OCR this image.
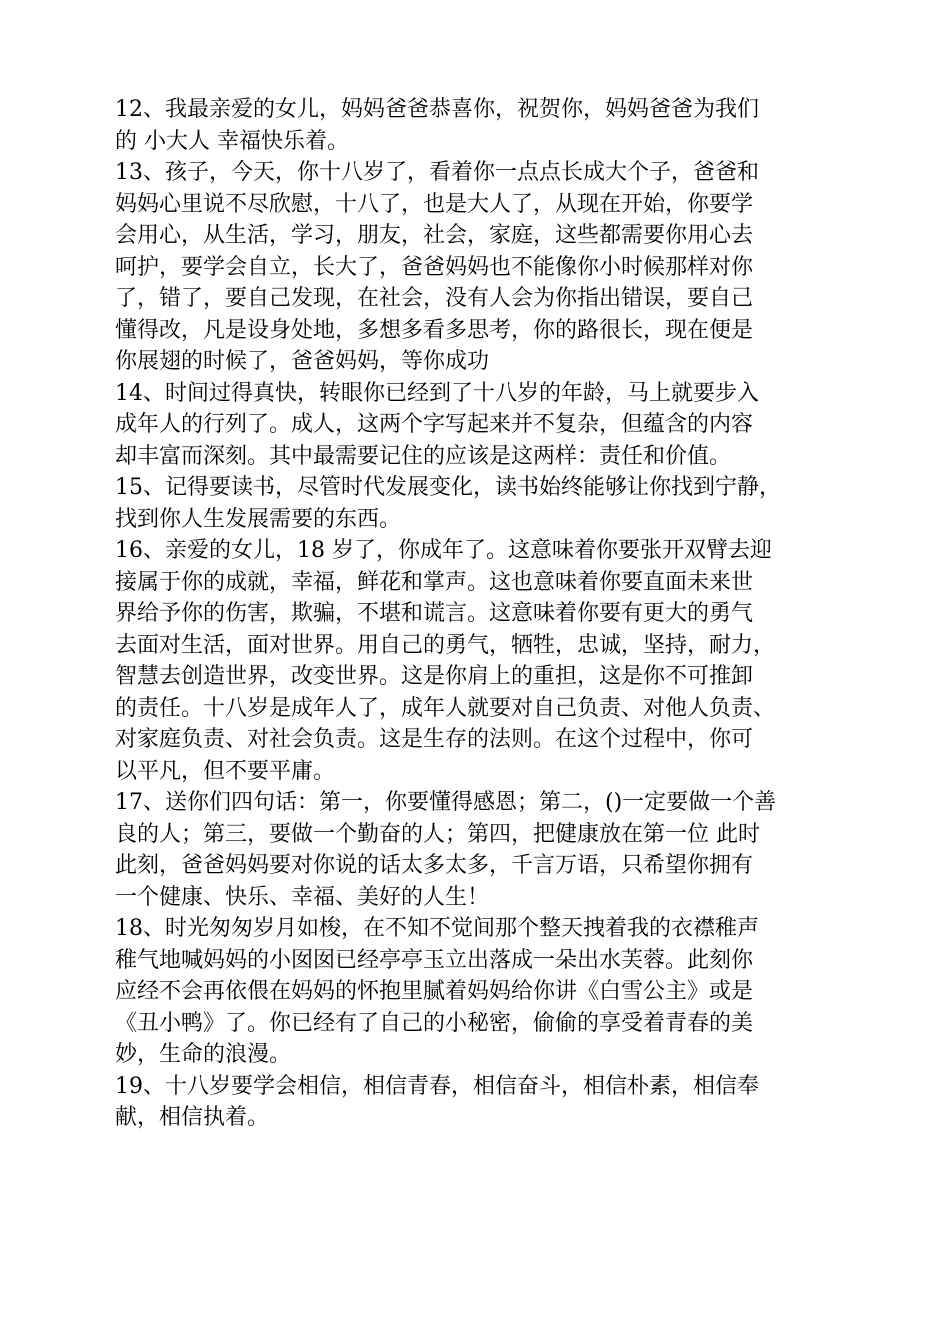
12、我最亲爱的女儿，妈妈爸爸恭喜你，祝贺你，妈妈爸爸为我们
的 小大人 幸福快乐着。
13、孩子，今天，你十八岁了，看着你一点点长成大个子，爸爸和
妈妈心里说不尽欣慰，十八了，也是大人了，从现在开始，你要学
会用心，从生活，学习，朋友，社会，家庭，这些都需要你用心去
呵护，要学会自立，长大了，爸爸妈妈也不能像你小时候那样对你
了，错了，要自己发现，在社会，没有人会为你指出错误，要自己
懂得改，凡是设身处地，多想多看多思考，你的路很长，现在便是
你展翅的时候了，爸爸妈妈，等你成功
14、时间过得真快，转眼你已经到了十八岁的年龄，马上就要步入
成年人的行列了。成人，这两个字写起来并不复杂，但蕴含的内容
却丰富而深刻。其中最需要记住的应该是这两样：责任和价值。
15、记得要读书，尽管时代发展变化，读书始终能够让你找到宁静，
找到你人生发展需要的东西。
16、亲爱的女儿，18 岁了，你成年了。这意味着你要张开双臂去迎
接属于你的成就，幸福，鲜花和掌声。这也意味着你要直面未来世
界给予你的伤害，欺骗，不堪和谎言。这意味着你要有更大的勇气
去面对生活，面对世界。用自己的勇气，牺牲，忠诚，坚持，耐力，
智慧去创造世界，改变世界。这是你肩上的重担，这是你不可推卸
的责任。十八岁是成年人了，成年人就要对自己负责、对他人负责、
对家庭负责、对社会负责。这是生存的法则。在这个过程中，你可
以平凡，但不要平庸。
17、送你们四句话：第一，你要懂得感恩；第二，()一定要做一个善
良的人；第三，要做一个勤奋的人；第四，把健康放在第一位 此时
此刻，爸爸妈妈要对你说的话太多太多，千言万语，只希望你拥有
一个健康、快乐、幸福、美好的人生！
18、时光匆匆岁月如梭，在不知不觉间那个整天拽着我的衣襟稚声
稚气地喊妈妈的小囡囡已经亭亭玉立出落成一朵出水芙蓉。此刻你
应经不会再依偎在妈妈的怀抱里腻着妈妈给你讲《白雪公主》或是
《丑小鸭》了。你已经有了自己的小秘密，偷偷的享受着青春的美
妙，生命的浪漫。
19、十八岁要学会相信，相信青春，相信奋斗，相信朴素，相信奉
献，相信执着。
